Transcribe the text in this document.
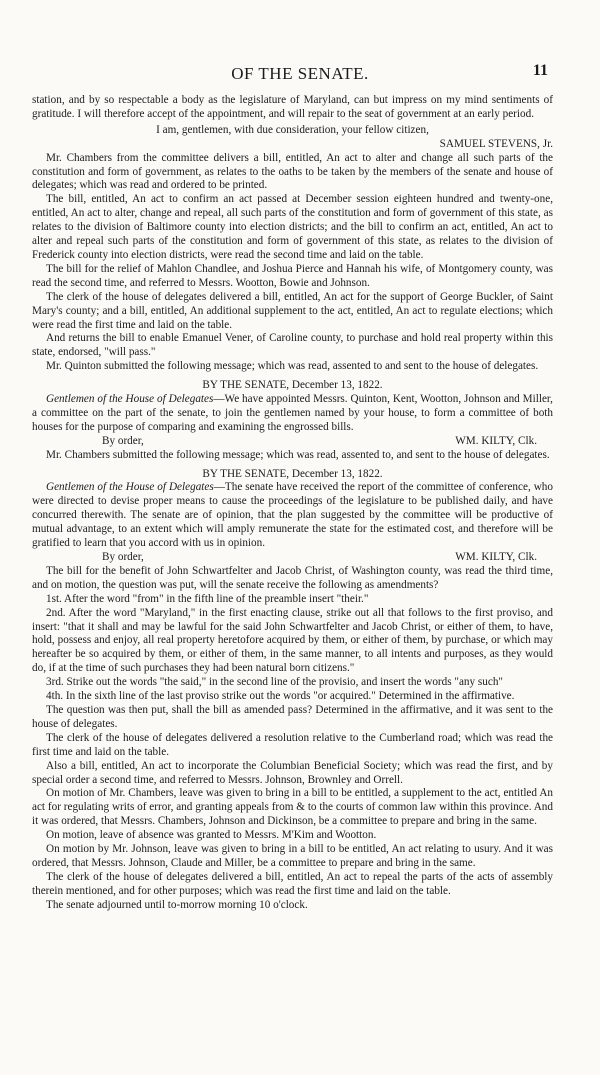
OF THE SENATE.	11

station, and by so respectable a body as the legislature of Maryland, can but impress on my mind sentiments of gratitude. I will therefore accept of the appointment, and will repair to the seat of government at an early period.

I am, gentlemen, with due consideration, your fellow citizen,

SAMUEL STEVENS, Jr.

Mr. Chambers from the committee delivers a bill, entitled, An act to alter and change all such parts of the constitution and form of government, as relates to the oaths to be taken by the members of the senate and house of delegates; which was read and ordered to be printed.

The bill, entitled, An act to confirm an act passed at December session eighteen hundred and twenty-one, entitled, An act to alter, change and repeal, all such parts of the constitution and form of government of this state, as relates to the division of Baltimore county into election districts; and the bill to confirm an act, entitled, An act to alter and repeal such parts of the constitution and form of government of this state, as relates to the division of Frederick county into election districts, were read the second time and laid on the table.

The bill for the relief of Mahlon Chandlee, and Joshua Pierce and Hannah his wife, of Montgomery county, was read the second time, and referred to Messrs. Wootton, Bowie and Johnson.

The clerk of the house of delegates delivered a bill, entitled, An act for the support of George Buckler, of Saint Mary's county; and a bill, entitled, An additional supplement to the act, entitled, An act to regulate elections; which were read the first time and laid on the table.

And returns the bill to enable Emanuel Vener, of Caroline county, to purchase and hold real property within this state, endorsed, "will pass."

Mr. Quinton submitted the following message; which was read, assented to and sent to the house of delegates.

BY THE SENATE, December 13, 1822.

Gentlemen of the House of Delegates—We have appointed Messrs. Quinton, Kent, Wootton, Johnson and Miller, a committee on the part of the senate, to join the gentlemen named by your house, to form a committee of both houses for the purpose of comparing and examining the engrossed bills.

By order,	WM. KILTY, Clk.

Mr. Chambers submitted the following message; which was read, assented to, and sent to the house of delegates.

BY THE SENATE, December 13, 1822.

Gentlemen of the House of Delegates—The senate have received the report of the committee of conference, who were directed to devise proper means to cause the proceedings of the legislature to be published daily, and have concurred therewith. The senate are of opinion, that the plan suggested by the committee will be productive of mutual advantage, to an extent which will amply remunerate the state for the estimated cost, and therefore will be gratified to learn that you accord with us in opinion.

By order,	WM. KILTY, Clk.

The bill for the benefit of John Schwartfelter and Jacob Christ, of Washington county, was read the third time, and on motion, the question was put, will the senate receive the following as amendments?

1st. After the word "from" in the fifth line of the preamble insert "their."

2nd. After the word "Maryland," in the first enacting clause, strike out all that follows to the first proviso, and insert: "that it shall and may be lawful for the said John Schwartfelter and Jacob Christ, or either of them, to have, hold, possess and enjoy, all real property heretofore acquired by them, or either of them, by purchase, or which may hereafter be so acquired by them, or either of them, in the same manner, to all intents and purposes, as they would do, if at the time of such purchases they had been natural born citizens."

3rd. Strike out the words "the said," in the second line of the provisio, and insert the words "any such"

4th. In the sixth line of the last proviso strike out the words "or acquired." Determined in the affirmative.

The question was then put, shall the bill as amended pass? Determined in the affirmative, and it was sent to the house of delegates.

The clerk of the house of delegates delivered a resolution relative to the Cumberland road; which was read the first time and laid on the table.

Also a bill, entitled, An act to incorporate the Columbian Beneficial Society; which was read the first, and by special order a second time, and referred to Messrs. Johnson, Brownley and Orrell.

On motion of Mr. Chambers, leave was given to bring in a bill to be entitled, a supplement to the act, entitled An act for regulating writs of error, and granting appeals from & to the courts of common law within this province. And it was ordered, that Messrs. Chambers, Johnson and Dickinson, be a committee to prepare and bring in the same.

On motion, leave of absence was granted to Messrs. M'Kim and Wootton.

On motion by Mr. Johnson, leave was given to bring in a bill to be entitled, An act relating to usury. And it was ordered, that Messrs. Johnson, Claude and Miller, be a committee to prepare and bring in the same.

The clerk of the house of delegates delivered a bill, entitled, An act to repeal the parts of the acts of assembly therein mentioned, and for other purposes; which was read the first time and laid on the table.

The senate adjourned until to-morrow morning 10 o'clock.
